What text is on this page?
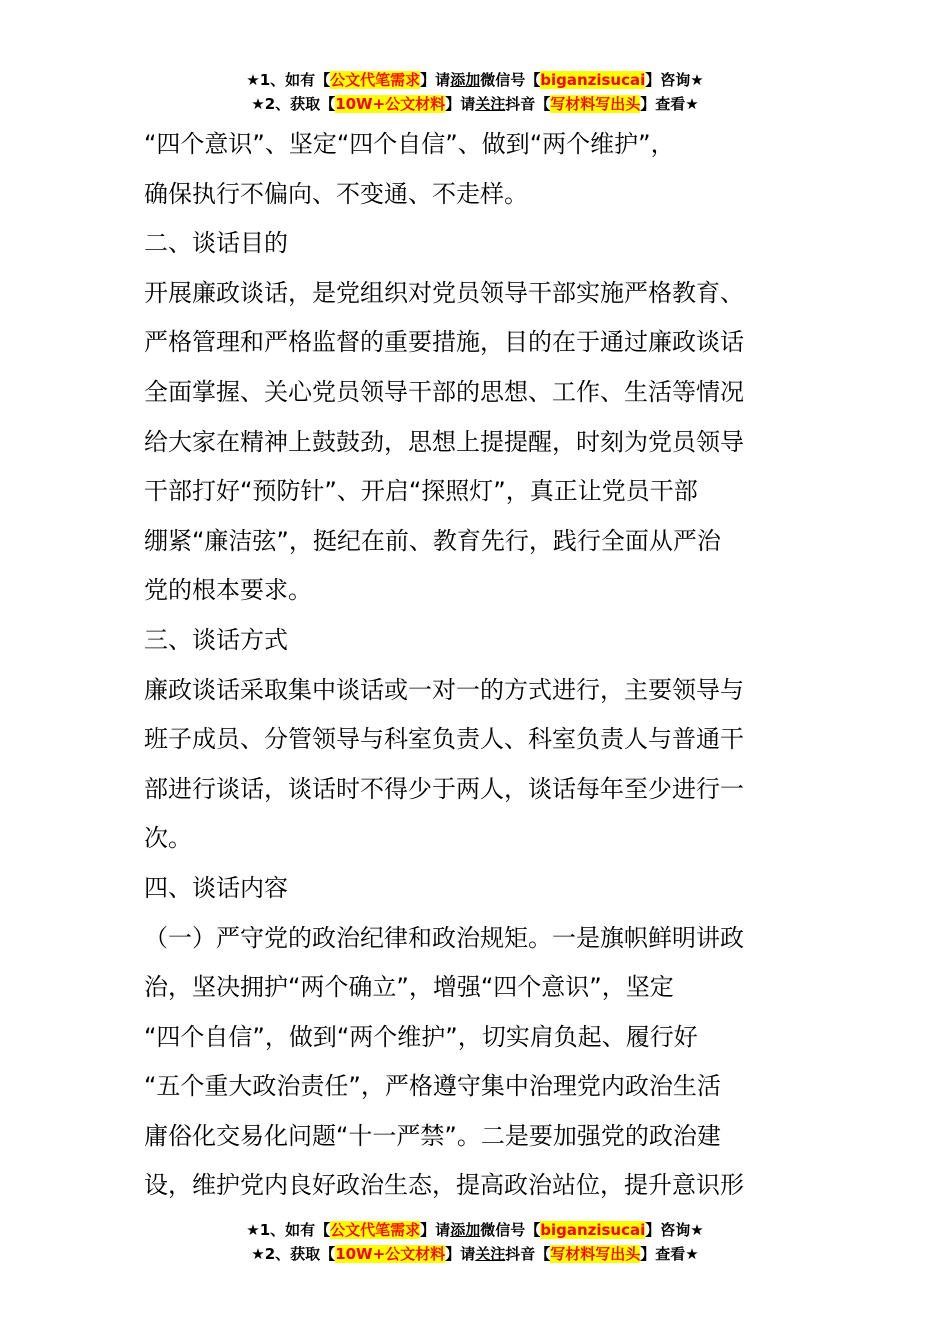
★1、如有【公文代笔需求】请添加微信号【biganzisucai】咨询★
★2、获取【10W+公文材料】请关注抖音【写材料写出头】查看★

“四个意识”、坚定“四个自信”、做到“两个维护”，

确保执行不偏向、不变通、不走样。

二、谈话目的

开展廉政谈话，是党组织对党员领导干部实施严格教育、

严格管理和严格监督的重要措施，目的在于通过廉政谈话

全面掌握、关心党员领导干部的思想、工作、生活等情况

给大家在精神上鼓鼓劲，思想上提提醒，时刻为党员领导

干部打好“预防针”、开启“探照灯”，真正让党员干部

绷紧“廉洁弦”，挺纪在前、教育先行，践行全面从严治

党的根本要求。

三、谈话方式

廉政谈话采取集中谈话或一对一的方式进行，主要领导与

班子成员、分管领导与科室负责人、科室负责人与普通干

部进行谈话，谈话时不得少于两人，谈话每年至少进行一

次。

四、谈话内容

（一）严守党的政治纪律和政治规矩。一是旗帜鲜明讲政

治，坚决拥护“两个确立”，增强“四个意识”，坚定

“四个自信”，做到“两个维护”，切实肩负起、履行好

“五个重大政治责任”，严格遵守集中治理党内政治生活

庸俗化交易化问题“十一严禁”。二是要加强党的政治建

设，维护党内良好政治生态，提高政治站位，提升意识形

★1、如有【公文代笔需求】请添加微信号【biganzisucai】咨询★
★2、获取【10W+公文材料】请关注抖音【写材料写出头】查看★
